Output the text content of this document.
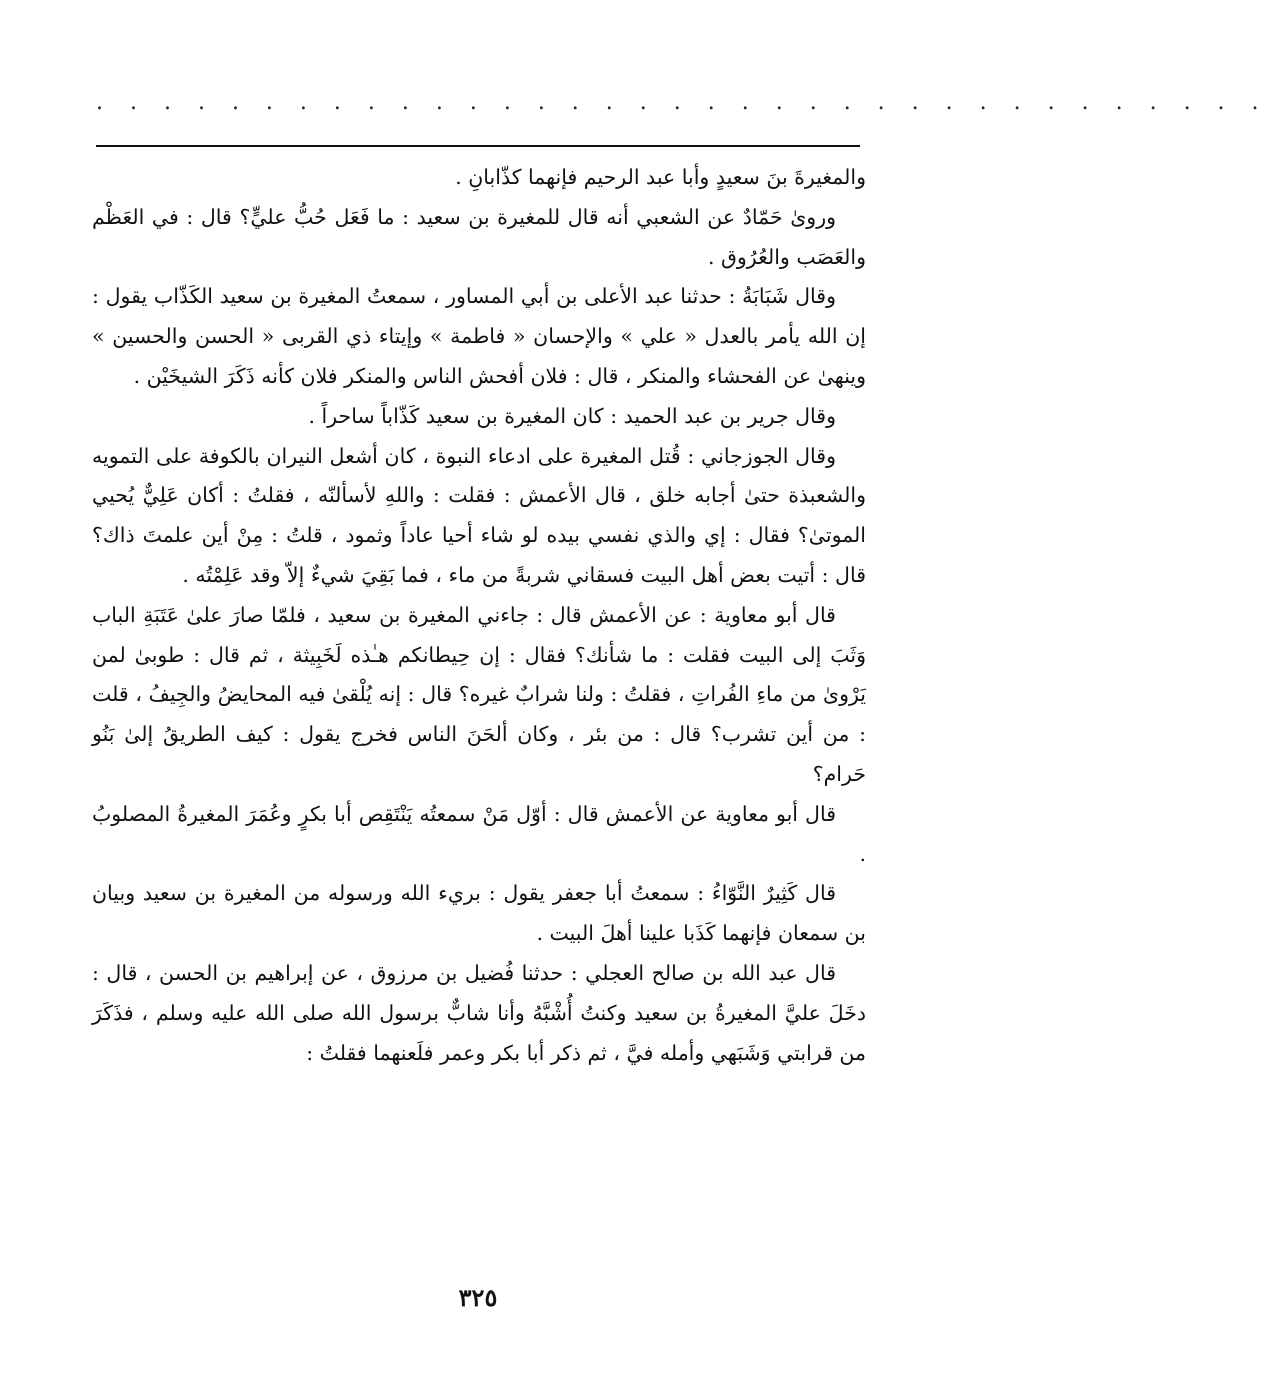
. . . . . . . . . . . . . . . . . . . . . . . . . . . . . . . . . . .

والمغيرةَ بنَ سعيدٍ وأبا عبد الرحيم فإنهما كذّابانِ .

وروىٰ حَمّادٌ عن الشعبي أنه قال للمغيرة بن سعيد : ما فَعَل حُبُّ عليٍّ؟ قال : في العَظْم والعَصَب والعُرُوق .

وقال شَبَابَةُ : حدثنا عبد الأعلى بن أبي المساور ، سمعتُ المغيرة بن سعيد الكَذّاب يقول : إن الله يأمر بالعدل « علي » والإحسان « فاطمة » وإيتاء ذي القربى « الحسن والحسين » وينهىٰ عن الفحشاء والمنكر ، قال : فلان أفحش الناس والمنكر فلان كأنه ذَكَرَ الشيخَيْن .

وقال جرير بن عبد الحميد : كان المغيرة بن سعيد كَذّاباً ساحراً .

وقال الجوزجاني : قُتل المغيرة على ادعاء النبوة ، كان أشعل النيران بالكوفة على التمويه والشعبذة حتىٰ أجابه خلق ، قال الأعمش : فقلت : واللهِ لأسألنّه ، فقلتُ : أكان عَلِيٌّ يُحيي الموتىٰ؟ فقال : إي والذي نفسي بيده لو شاء أحيا عاداً وثمود ، قلتُ : مِنْ أين علمتَ ذاك؟ قال : أتيت بعض أهل البيت فسقاني شربةً من ماء ، فما بَقِيَ شيءٌ إلاّ وقد عَلِمْتُه .

قال أبو معاوية : عن الأعمش قال : جاءني المغيرة بن سعيد ، فلمّا صارَ علىٰ عَتَبَةِ الباب وَثَبَ إلى البيت فقلت : ما شأنك؟ فقال : إن حِيطانكم هـٰذه لَخَبِيثة ، ثم قال : طوبىٰ لمن يَرْوىٰ من ماءِ الفُراتِ ، فقلتُ : ولنا شرابٌ غيره؟ قال : إنه يُلْقىٰ فيه المحايضُ والجِيفُ ، قلت : من أين تشرب؟ قال : من بئر ، وكان ألحَنَ الناس فخرج يقول : كيف الطريقُ إلىٰ بَنُو حَرام؟

قال أبو معاوية عن الأعمش قال : أوّل مَنْ سمعتُه يَنْتَقِص أبا بكرٍ وعُمَرَ المغيرةُ المصلوبُ .

قال كَثِيرٌ النَّوّاءُ : سمعتُ أبا جعفر يقول : بريء الله ورسوله من المغيرة بن سعيد وبيان بن سمعان فإنهما كَذَبا علينا أهلَ البيت .

قال عبد الله بن صالح العجلي : حدثنا فُضيل بن مرزوق ، عن إبراهيم بن الحسن ، قال : دخَلَ عليَّ المغيرةُ بن سعيد وكنتُ أُشْبَّهُ وأنا شابٌّ برسول الله صلى الله عليه وسلم ، فذَكَرَ من قرابتي وَشَبَهي وأمله فيَّ ، ثم ذكر أبا بكر وعمر فلَعنهما فقلتُ :

٣٢٥
